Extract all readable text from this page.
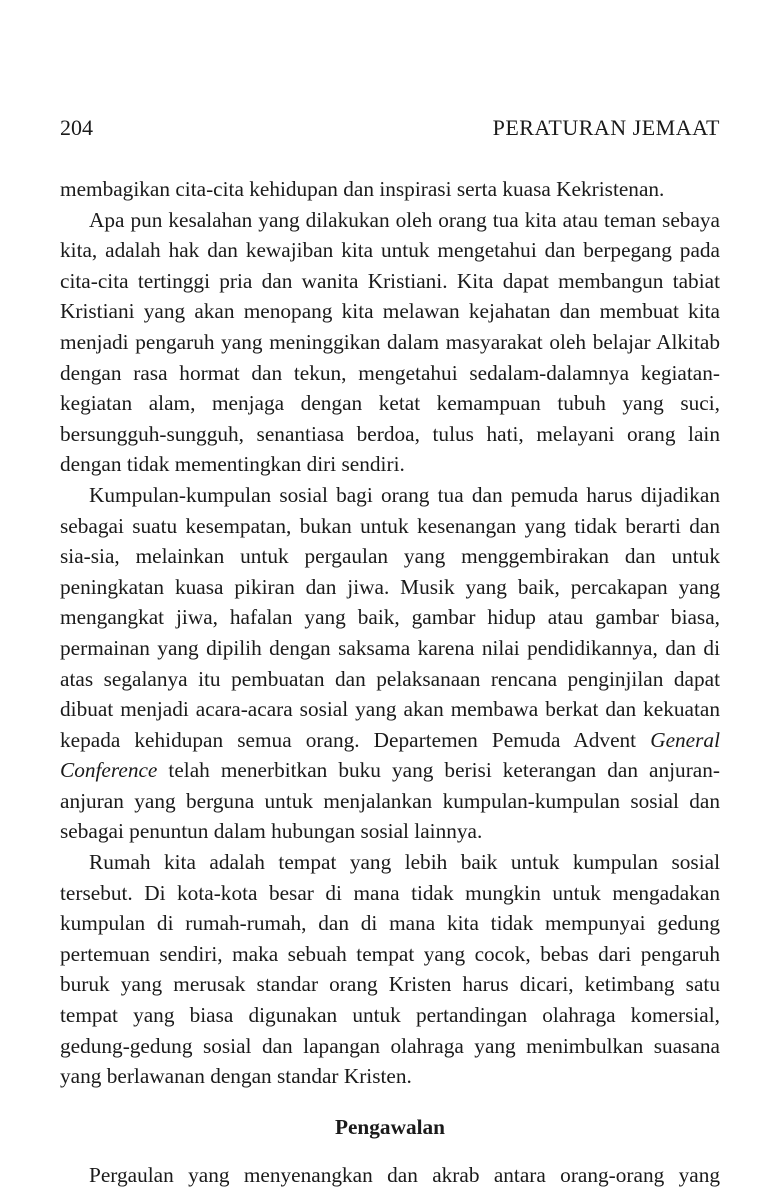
204	PERATURAN JEMAAT

membagikan cita-cita kehidupan dan inspirasi serta kuasa Kekristenan.

Apa pun kesalahan yang dilakukan oleh orang tua kita atau teman sebaya kita, adalah hak dan kewajiban kita untuk mengetahui dan berpegang pada cita-cita tertinggi pria dan wanita Kristiani. Kita dapat membangun tabiat Kristiani yang akan menopang kita melawan kejahatan dan membuat kita menjadi pengaruh yang meninggikan dalam masyarakat oleh belajar Alkitab dengan rasa hormat dan tekun, mengetahui sedalam-dalamnya kegiatan-kegiatan alam, menjaga dengan ketat kemampuan tubuh yang suci, bersungguh-sungguh, senantiasa berdoa, tulus hati, melayani orang lain dengan tidak mementingkan diri sendiri.

Kumpulan-kumpulan sosial bagi orang tua dan pemuda harus dijadikan sebagai suatu kesempatan, bukan untuk kesenangan yang tidak berarti dan sia-sia, melainkan untuk pergaulan yang menggembirakan dan untuk peningkatan kuasa pikiran dan jiwa. Musik yang baik, percakapan yang mengangkat jiwa, hafalan yang baik, gambar hidup atau gambar biasa, permainan yang dipilih dengan saksama karena nilai pendidikannya, dan di atas segalanya itu pembuatan dan pelaksanaan rencana penginjilan dapat dibuat menjadi acara-acara sosial yang akan membawa berkat dan kekuatan kepada kehidupan semua orang. Departemen Pemuda Advent General Conference telah menerbitkan buku yang berisi keterangan dan anjuran-anjuran yang berguna untuk menjalankan kumpulan-kumpulan sosial dan sebagai penuntun dalam hubungan sosial lainnya.

Rumah kita adalah tempat yang lebih baik untuk kumpulan sosial tersebut. Di kota-kota besar di mana tidak mungkin untuk mengadakan kumpulan di rumah-rumah, dan di mana kita tidak mempunyai gedung pertemuan sendiri, maka sebuah tempat yang cocok, bebas dari pengaruh buruk yang merusak standar orang Kristen harus dicari, ketimbang satu tempat yang biasa digunakan untuk pertandingan olahraga komersial, gedung-gedung sosial dan lapangan olahraga yang menimbulkan suasana yang berlawanan dengan standar Kristen.

Pengawalan

Pergaulan yang menyenangkan dan akrab antara orang-orang yang
